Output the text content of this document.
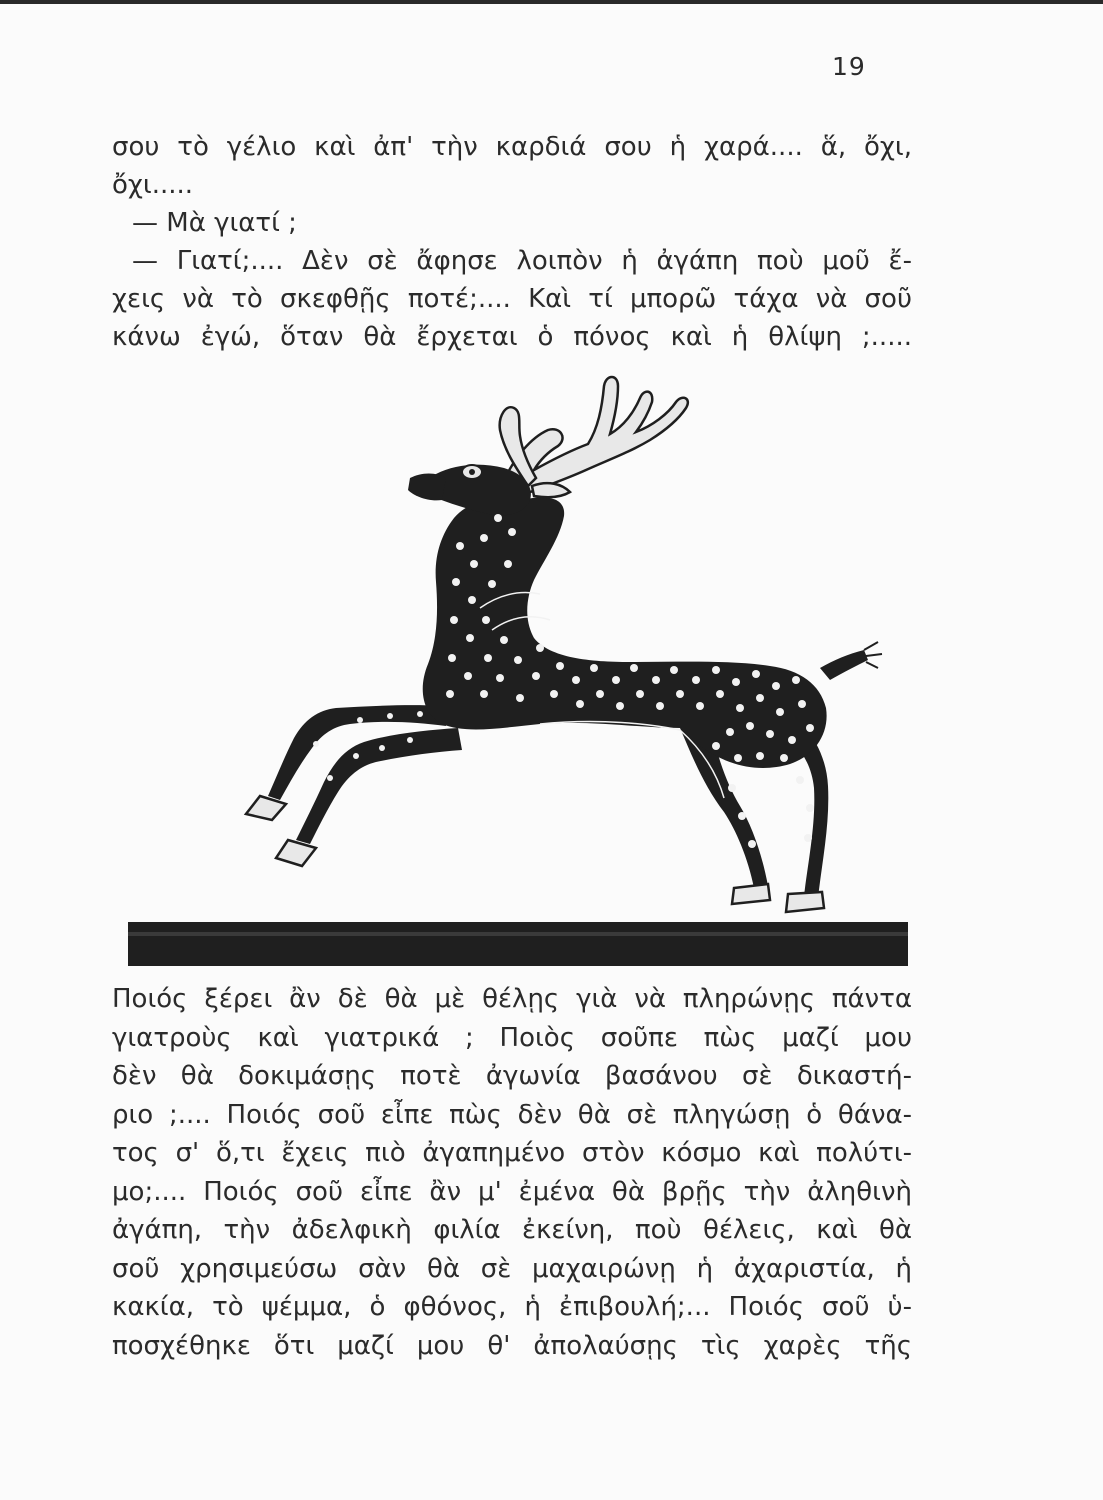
19
σου τὸ γέλιο καὶ ἀπ' τὴν καρδιά σου ἡ χαρά.... ἅ, ὄχι,
ὄχι.....
— Μὰ γιατί ;
— Γιατί;.... Δὲν σὲ ἄφησε λοιπὸν ἡ ἀγάπη ποὺ μοῦ ἔ-
χεις νὰ τὸ σκεφθῇς ποτέ;.... Καὶ τί μπορῶ τάχα νὰ σοῦ
κάνω ἐγώ, ὅταν θὰ ἔρχεται ὁ πόνος καὶ ἡ θλίψη ;.....
Ποιός ξέρει ἂν δὲ θὰ μὲ θέλῃς γιὰ νὰ πληρώνῃς πάντα
γιατροὺς καὶ γιατρικά ; Ποιὸς σοῦπε πὼς μαζί μου
δὲν θὰ δοκιμάσῃς ποτὲ ἀγωνία βασάνου σὲ δικαστή-
ριο ;.... Ποιός σοῦ εἶπε πὼς δὲν θὰ σὲ πληγώσῃ ὁ θάνα-
τος σ' ὅ,τι ἔχεις πιὸ ἀγαπημένο στὸν κόσμο καὶ πολύτι-
μο;.... Ποιός σοῦ εἶπε ἂν μ' ἐμένα θὰ βρῇς τὴν ἀληθινὴ
ἀγάπη, τὴν ἀδελφικὴ φιλία ἐκείνη, ποὺ θέλεις, καὶ θὰ
σοῦ χρησιμεύσω σὰν θὰ σὲ μαχαιρώνῃ ἡ ἀχαριστία, ἡ
κακία, τὸ ψέμμα, ὁ φθόνος, ἡ ἐπιβουλή;... Ποιός σοῦ ὑ-
ποσχέθηκε ὅτι μαζί μου θ' ἀπολαύσῃς τὶς χαρὲς τῆς
